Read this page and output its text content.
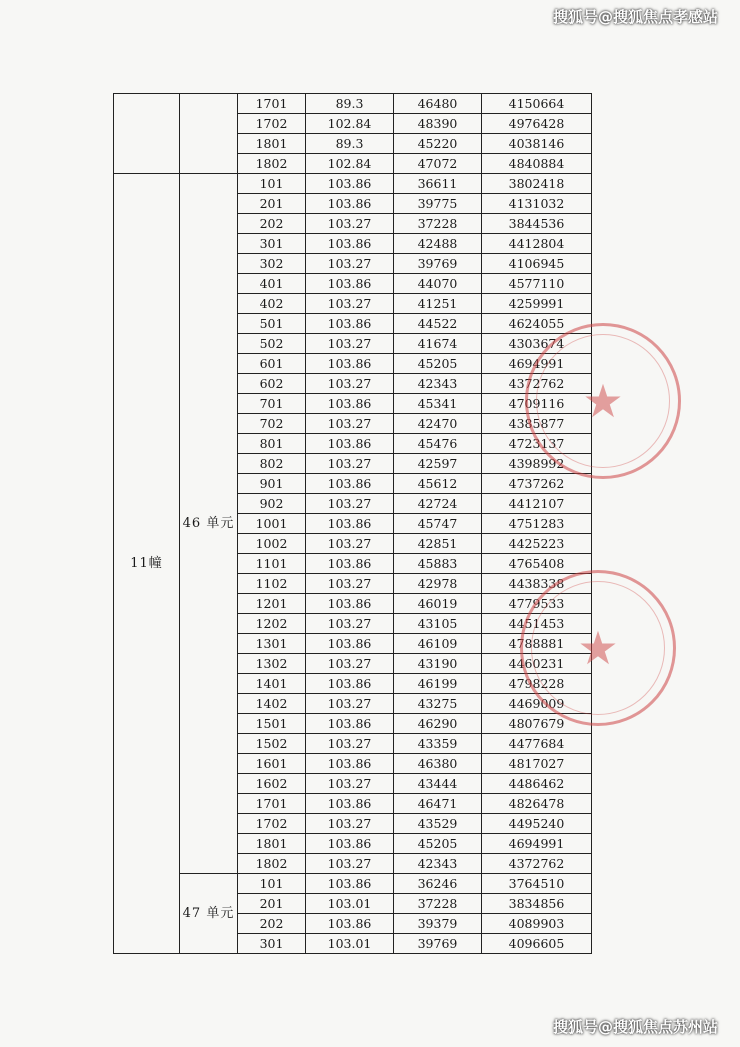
搜狐号@搜狐焦点孝感站
		1701	89.3	46480	4150664
		1702	102.84	48390	4976428
		1801	89.3	45220	4038146
		1802	102.84	47072	4840884
11幢	46 单元	101	103.86	36611	3802418
		201	103.86	39775	4131032
		202	103.27	37228	3844536
		301	103.86	42488	4412804
		302	103.27	39769	4106945
		401	103.86	44070	4577110
		402	103.27	41251	4259991
		501	103.86	44522	4624055
		502	103.27	41674	4303674
		601	103.86	45205	4694991
		602	103.27	42343	4372762
		701	103.86	45341	4709116
		702	103.27	42470	4385877
		801	103.86	45476	4723137
		802	103.27	42597	4398992
		901	103.86	45612	4737262
		902	103.27	42724	4412107
		1001	103.86	45747	4751283
		1002	103.27	42851	4425223
		1101	103.86	45883	4765408
		1102	103.27	42978	4438338
		1201	103.86	46019	4779533
		1202	103.27	43105	4451453
		1301	103.86	46109	4788881
		1302	103.27	43190	4460231
		1401	103.86	46199	4798228
		1402	103.27	43275	4469009
		1501	103.86	46290	4807679
		1502	103.27	43359	4477684
		1601	103.86	46380	4817027
		1602	103.27	43444	4486462
		1701	103.86	46471	4826478
		1702	103.27	43529	4495240
		1801	103.86	45205	4694991
		1802	103.27	42343	4372762
	47 单元	101	103.86	36246	3764510
		201	103.01	37228	3834856
		202	103.86	39379	4089903
		301	103.01	39769	4096605
★
★
搜狐号@搜狐焦点苏州站
